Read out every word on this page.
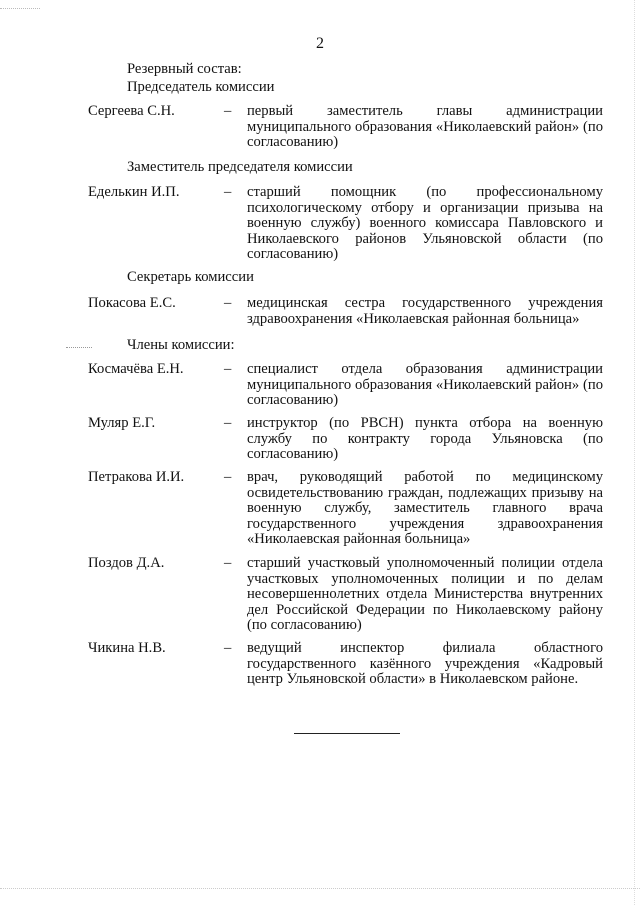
2
Резервный состав:
Председатель комиссии
Сергеева С.Н.	– первый заместитель главы администрации муниципального образования «Николаевский район» (по согласованию)
Заместитель председателя комиссии
Еделькин И.П.	– старший помощник (по профессиональному психологическому отбору и организации призыва на военную службу) военного комиссара Павловского и Николаевского районов Ульяновской области (по согласованию)
Секретарь комиссии
Покасова Е.С.	– медицинская сестра государственного учреждения здравоохранения «Николаевская районная больница»
Члены комиссии:
Космачёва Е.Н.	– специалист отдела образования администрации муниципального образования «Николаевский район» (по согласованию)
Муляр Е.Г.	– инструктор (по РВСН) пункта отбора на военную службу по контракту города Ульяновска (по согласованию)
Петракова И.И.	– врач, руководящий работой по медицинскому освидетельствованию граждан, подлежащих призыву на военную службу, заместитель главного врача государственного учреждения здравоохранения «Николаевская районная больница»
Поздов Д.А.	– старший участковый уполномоченный полиции отдела участковых уполномоченных полиции и по делам несовершеннолетних отдела Министерства внутренних дел Российской Федерации по Николаевскому району (по согласованию)
Чикина Н.В.	– ведущий инспектор филиала областного государственного казённого учреждения «Кадровый центр Ульяновской области» в Николаевском районе.
